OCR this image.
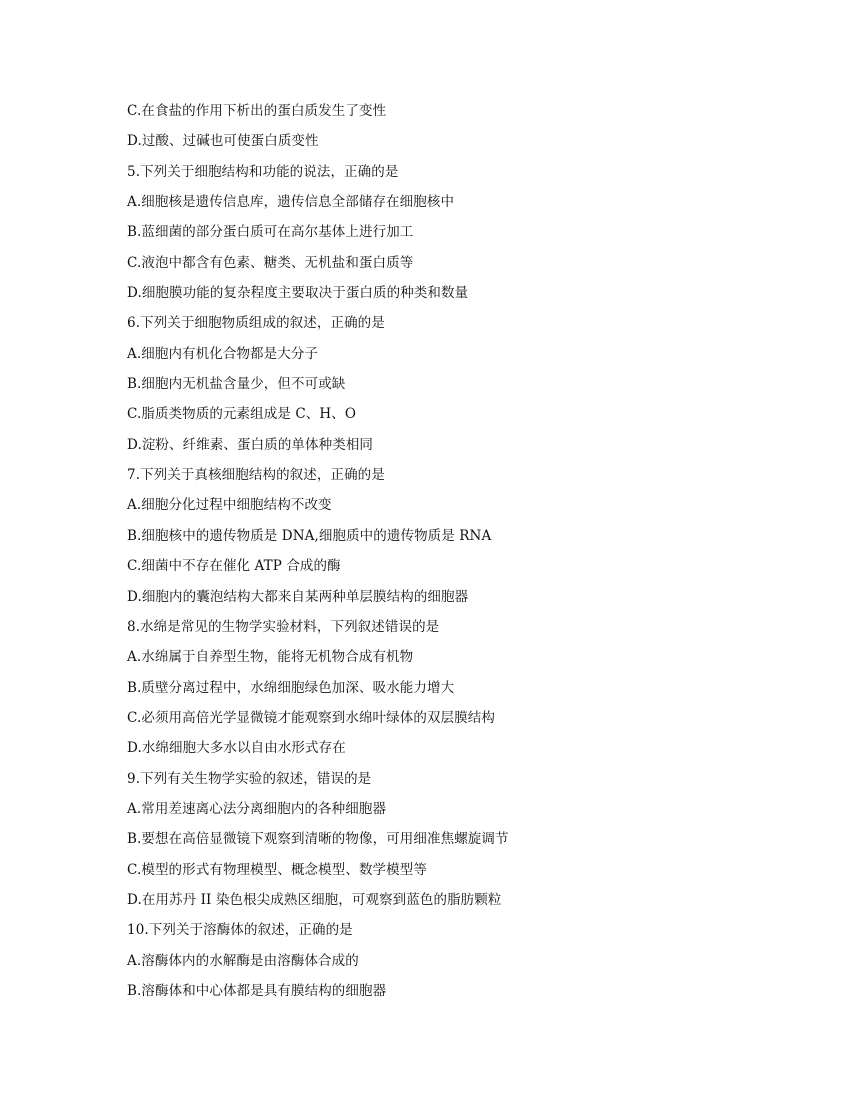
C.在食盐的作用下析出的蛋白质发生了变性
D.过酸、过碱也可使蛋白质变性
5.下列关于细胞结构和功能的说法，正确的是
A.细胞核是遗传信息库，遗传信息全部储存在细胞核中
B.蓝细菌的部分蛋白质可在高尔基体上进行加工
C.液泡中都含有色素、糖类、无机盐和蛋白质等
D.细胞膜功能的复杂程度主要取决于蛋白质的种类和数量
6.下列关于细胞物质组成的叙述，正确的是
A.细胞内有机化合物都是大分子
B.细胞内无机盐含量少，但不可或缺
C.脂质类物质的元素组成是 C、H、O
D.淀粉、纤维素、蛋白质的单体种类相同
7.下列关于真核细胞结构的叙述，正确的是
A.细胞分化过程中细胞结构不改变
B.细胞核中的遗传物质是 DNA,细胞质中的遗传物质是 RNA
C.细菌中不存在催化 ATP 合成的酶
D.细胞内的囊泡结构大都来自某两种单层膜结构的细胞器
8.水绵是常见的生物学实验材料，下列叙述错误的是
A.水绵属于自养型生物，能将无机物合成有机物
B.质壁分离过程中，水绵细胞绿色加深、吸水能力增大
C.必须用高倍光学显微镜才能观察到水绵叶绿体的双层膜结构
D.水绵细胞大多水以自由水形式存在
9.下列有关生物学实验的叙述，错误的是
A.常用差速离心法分离细胞内的各种细胞器
B.要想在高倍显微镜下观察到清晰的物像，可用细准焦螺旋调节
C.模型的形式有物理模型、概念模型、数学模型等
D.在用苏丹 II 染色根尖成熟区细胞，可观察到蓝色的脂肪颗粒
10.下列关于溶酶体的叙述，正确的是
A.溶酶体内的水解酶是由溶酶体合成的
B.溶酶体和中心体都是具有膜结构的细胞器
